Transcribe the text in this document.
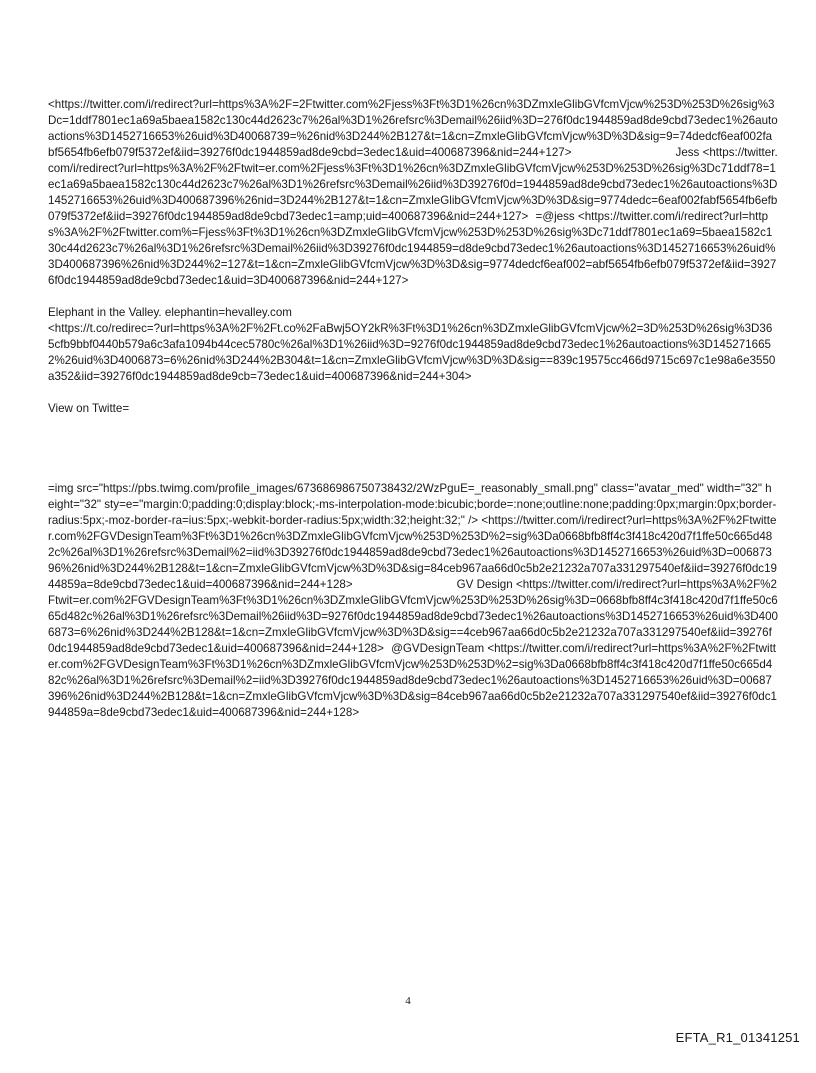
<https://twitter.com/i/redirect?url=https%3A%2F=2Ftwitter.com%2Fjess%3Ft%3D1%26cn%3DZmxleGlibGVfcmVjcw%253D%253D%26sig%3Dc=1ddf7801ec1a69a5baea1582c130c44d2623c7%26al%3D1%26refsrc%3Demail%26iid%3D=276f0dc1944859ad8de9cbd73edec1%26autoactions%3D1452716653%26uid%3D40068739=%26nid%3D244%2B127&t=1&cn=ZmxleGlibGVfcmVjcw%3D%3D&sig=9=74dedcf6eaf002fabf5654fb6efb079f5372ef&iid=39276f0dc1944859ad8de9cbd=3edec1&uid=400687396&nid=244+127>	Jess <https://twitter.com/i/redirect?url=https%3A%2F%2Ftwit=er.com%2Fjess%3Ft%3D1%26cn%3DZmxleGlibGVfcmVjcw%253D%253D%26sig%3Dc71ddf78=1ec1a69a5baea1582c130c44d2623c7%26al%3D1%26refsrc%3Demail%26iid%3D39276f0d=1944859ad8de9cbd73edec1%26autoactions%3D1452716653%26uid%3D400687396%26nid=3D244%2B127&t=1&cn=ZmxleGlibGVfcmVjcw%3D%3D&sig=9774dedc=6eaf002fabf5654fb6efb079f5372ef&iid=39276f0dc1944859ad8de9cbd73edec1=amp;uid=400687396&nid=244+127> =@jess <https://twitter.com/i/redirect?url=https%3A%2F%2Ftwitter.com%=Fjess%3Ft%3D1%26cn%3DZmxleGlibGVfcmVjcw%253D%253D%26sig%3Dc71ddf7801ec1a69=5baea1582c130c44d2623c7%26al%3D1%26refsrc%3Demail%26iid%3D39276f0dc1944859=d8de9cbd73edec1%26autoactions%3D1452716653%26uid%3D400687396%26nid%3D244%2=127&t=1&cn=ZmxleGlibGVfcmVjcw%3D%3D&sig=9774dedcf6eaf002=abf5654fb6efb079f5372ef&iid=39276f0dc1944859ad8de9cbd73edec1&uid=3D400687396&nid=244+127>

Elephant in the Valley. elephantin=hevalley.com
<https://t.co/redirec=?url=https%3A%2F%2Ft.co%2FaBwj5OY2kR%3Ft%3D1%26cn%3DZmxleGlibGVfcmVjcw%2=3D%253D%26sig%3D365cfb9bbf0440b579a6c3afa1094b44cec5780c%26al%3D1%26iid%3D=9276f0dc1944859ad8de9cbd73edec1%26autoactions%3D1452716652%26uid%3D4006873=6%26nid%3D244%2B304&t=1&cn=ZmxleGlibGVfcmVjcw%3D%3D&sig==839c19575cc466d9715c697c1e98a6e3550a352&iid=39276f0dc1944859ad8de9cb=73edec1&uid=400687396&nid=244+304>

View on Twitte=

=img src="https://pbs.twimg.com/profile_images/673686986750738432/2WzPguE=_reasonably_small.png" class="avatar_med" width="32" height="32" sty=e="margin:0;padding:0;display:block;-ms-interpolation-mode:bicubic;borde=:none;outline:none;padding:0px;margin:0px;border-radius:5px;-moz-border-ra=ius:5px;-webkit-border-radius:5px;width:32;height:32;" /> <https://twitter.com/i/redirect?url=https%3A%2F%2Ftwitter.com%2FGVDesignTeam%3Ft%3D1%26cn%3DZmxleGlibGVfcmVjcw%253D%253D%2=sig%3Da0668bfb8ff4c3f418c420d7f1ffe50c665d482c%26al%3D1%26refsrc%3Demail%2=iid%3D39276f0dc1944859ad8de9cbd73edec1%26autoactions%3D1452716653%26uid%3D=00687396%26nid%3D244%2B128&t=1&cn=ZmxleGlibGVfcmVjcw%3D%3D&sig=84ceb967aa66d0c5b2e21232a707a331297540ef&iid=39276f0dc1944859a=8de9cbd73edec1&uid=400687396&nid=244+128>	GV Design <https://twitter.com/i/redirect?url=https%3A%2F%2Ftwit=er.com%2FGVDesignTeam%3Ft%3D1%26cn%3DZmxleGlibGVfcmVjcw%253D%253D%26sig%3D=0668bfb8ff4c3f418c420d7f1ffe50c665d482c%26al%3D1%26refsrc%3Demail%26iid%3D=9276f0dc1944859ad8de9cbd73edec1%26autoactions%3D1452716653%26uid%3D4006873=6%26nid%3D244%2B128&t=1&cn=ZmxleGlibGVfcmVjcw%3D%3D&sig==4ceb967aa66d0c5b2e21232a707a331297540ef&iid=39276f0dc1944859ad8de9cbd73edec1&uid=400687396&nid=244+128> @GVDesignTeam <https://twitter.com/i/redirect?url=https%3A%2F%2Ftwitter.com%2FGVDesignTeam%3Ft%3D1%26cn%3DZmxleGlibGVfcmVjcw%253D%253D%2=sig%3Da0668bfb8ff4c3f418c420d7f1ffe50c665d482c%26al%3D1%26refsrc%3Demail%2=iid%3D39276f0dc1944859ad8de9cbd73edec1%26autoactions%3D1452716653%26uid%3D=00687396%26nid%3D244%2B128&t=1&cn=ZmxleGlibGVfcmVjcw%3D%3D&sig=84ceb967aa66d0c5b2e21232a707a331297540ef&iid=39276f0dc1944859a=8de9cbd73edec1&uid=400687396&nid=244+128>

4
EFTA_R1_01341251
